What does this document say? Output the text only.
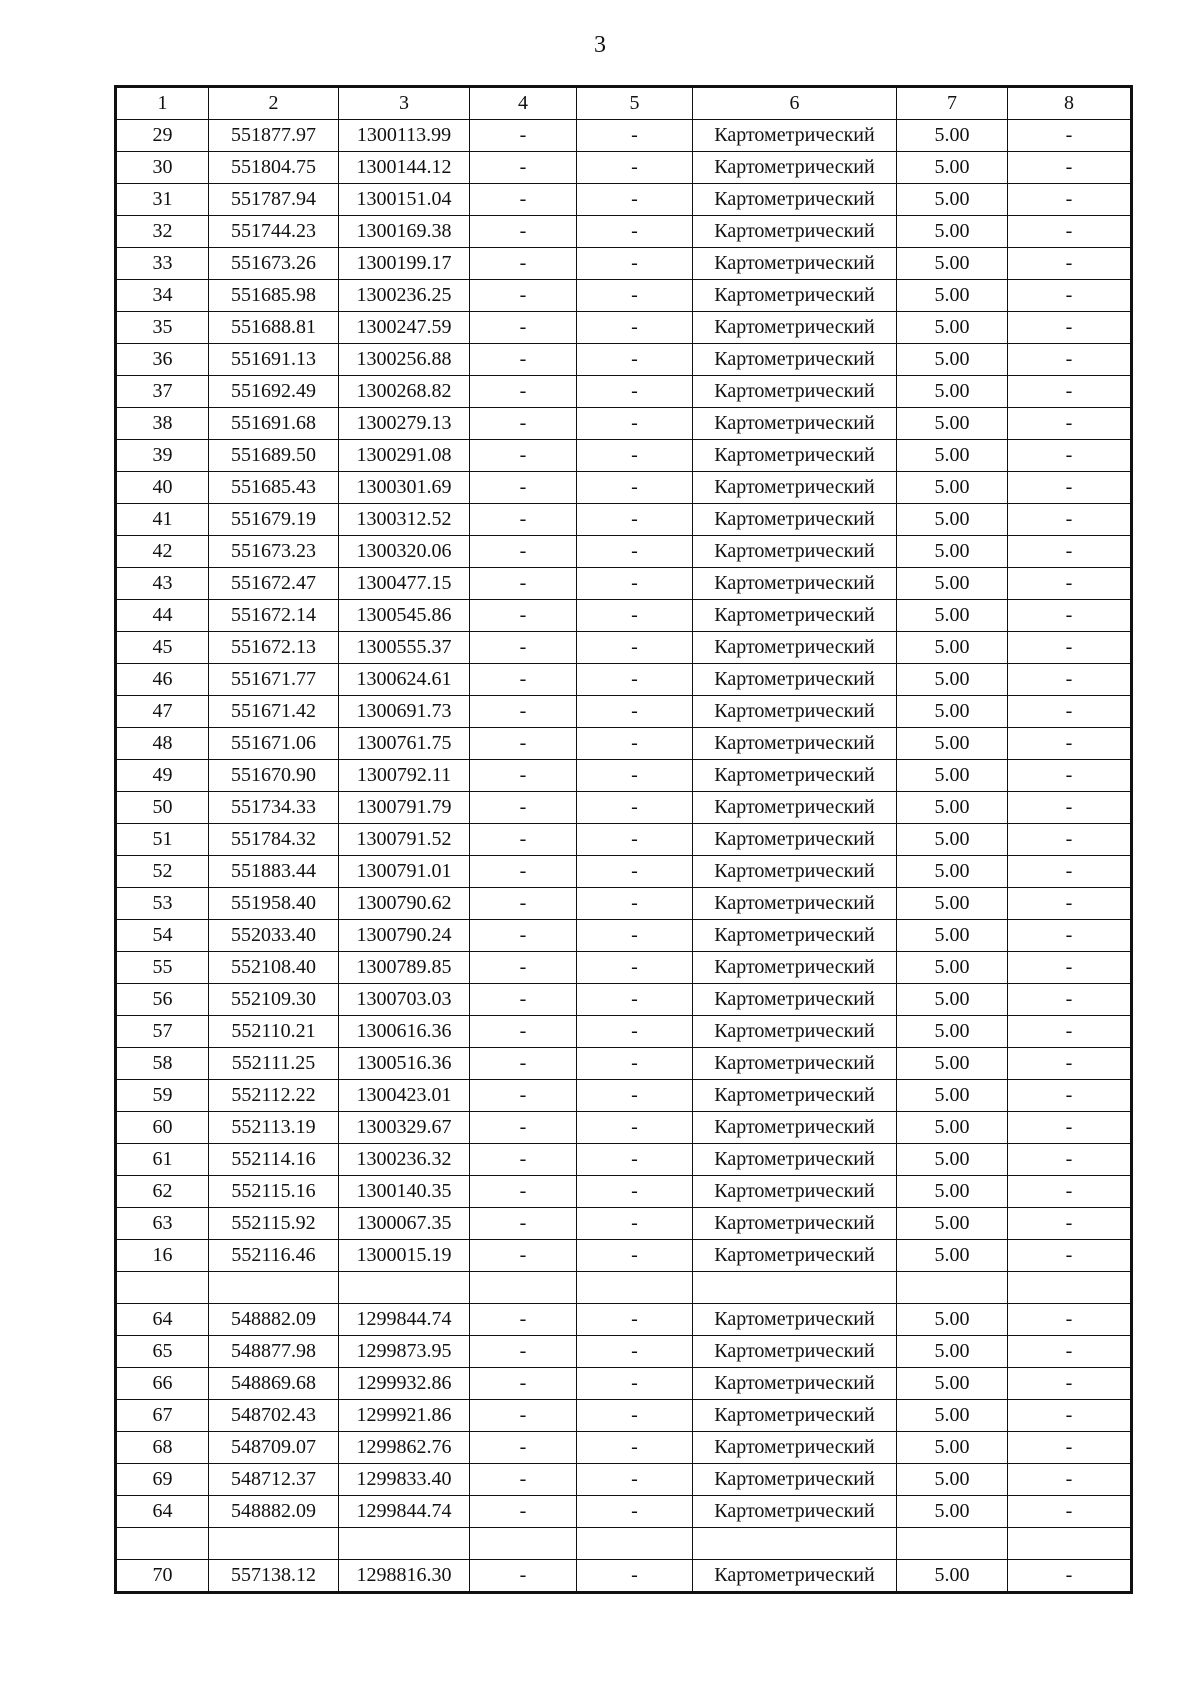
3
1	2	3	4	5	6	7	8
29	551877.97	1300113.99	-	-	Картометрический	5.00	-
30	551804.75	1300144.12	-	-	Картометрический	5.00	-
31	551787.94	1300151.04	-	-	Картометрический	5.00	-
32	551744.23	1300169.38	-	-	Картометрический	5.00	-
33	551673.26	1300199.17	-	-	Картометрический	5.00	-
34	551685.98	1300236.25	-	-	Картометрический	5.00	-
35	551688.81	1300247.59	-	-	Картометрический	5.00	-
36	551691.13	1300256.88	-	-	Картометрический	5.00	-
37	551692.49	1300268.82	-	-	Картометрический	5.00	-
38	551691.68	1300279.13	-	-	Картометрический	5.00	-
39	551689.50	1300291.08	-	-	Картометрический	5.00	-
40	551685.43	1300301.69	-	-	Картометрический	5.00	-
41	551679.19	1300312.52	-	-	Картометрический	5.00	-
42	551673.23	1300320.06	-	-	Картометрический	5.00	-
43	551672.47	1300477.15	-	-	Картометрический	5.00	-
44	551672.14	1300545.86	-	-	Картометрический	5.00	-
45	551672.13	1300555.37	-	-	Картометрический	5.00	-
46	551671.77	1300624.61	-	-	Картометрический	5.00	-
47	551671.42	1300691.73	-	-	Картометрический	5.00	-
48	551671.06	1300761.75	-	-	Картометрический	5.00	-
49	551670.90	1300792.11	-	-	Картометрический	5.00	-
50	551734.33	1300791.79	-	-	Картометрический	5.00	-
51	551784.32	1300791.52	-	-	Картометрический	5.00	-
52	551883.44	1300791.01	-	-	Картометрический	5.00	-
53	551958.40	1300790.62	-	-	Картометрический	5.00	-
54	552033.40	1300790.24	-	-	Картометрический	5.00	-
55	552108.40	1300789.85	-	-	Картометрический	5.00	-
56	552109.30	1300703.03	-	-	Картометрический	5.00	-
57	552110.21	1300616.36	-	-	Картометрический	5.00	-
58	552111.25	1300516.36	-	-	Картометрический	5.00	-
59	552112.22	1300423.01	-	-	Картометрический	5.00	-
60	552113.19	1300329.67	-	-	Картометрический	5.00	-
61	552114.16	1300236.32	-	-	Картометрический	5.00	-
62	552115.16	1300140.35	-	-	Картометрический	5.00	-
63	552115.92	1300067.35	-	-	Картометрический	5.00	-
16	552116.46	1300015.19	-	-	Картометрический	5.00	-

64	548882.09	1299844.74	-	-	Картометрический	5.00	-
65	548877.98	1299873.95	-	-	Картометрический	5.00	-
66	548869.68	1299932.86	-	-	Картометрический	5.00	-
67	548702.43	1299921.86	-	-	Картометрический	5.00	-
68	548709.07	1299862.76	-	-	Картометрический	5.00	-
69	548712.37	1299833.40	-	-	Картометрический	5.00	-
64	548882.09	1299844.74	-	-	Картометрический	5.00	-

70	557138.12	1298816.30	-	-	Картометрический	5.00	-
